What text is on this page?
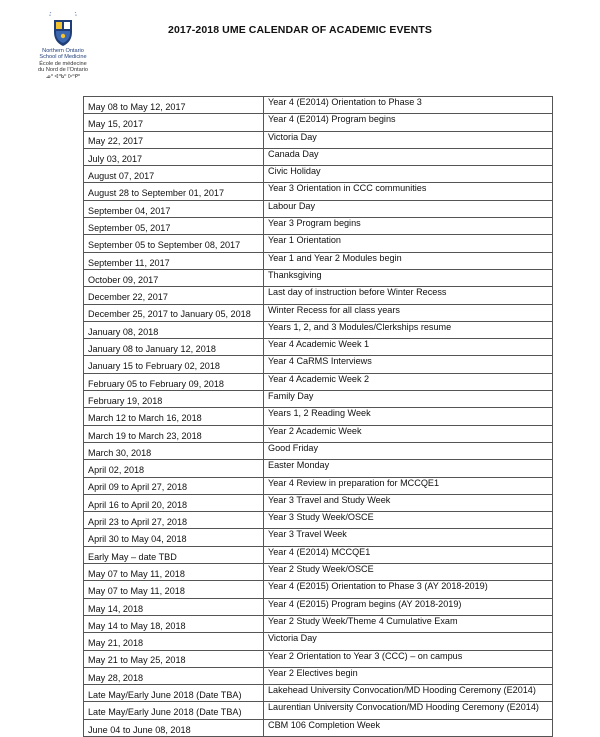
Northern Ontario
School of Medicine
École de médecine
du Nord de l'Ontario
ᓄᐦ ᐊᐦᑲᐦ ᐅᐦᑭᐦ
2017-2018 UME CALENDAR OF ACADEMIC EVENTS
May 08 to May 12, 2017	Year 4 (E2014) Orientation to Phase 3
May 15, 2017	Year 4 (E2014) Program begins
May 22, 2017	Victoria Day
July 03, 2017	Canada Day
August 07, 2017	Civic Holiday
August 28 to September 01, 2017	Year 3 Orientation in CCC communities
September 04, 2017	Labour Day
September 05, 2017	Year 3 Program begins
September 05 to September 08, 2017	Year 1 Orientation
September 11, 2017	Year 1 and Year 2 Modules begin
October 09, 2017	Thanksgiving
December 22, 2017	Last day of instruction before Winter Recess
December 25, 2017 to January 05, 2018	Winter Recess for all class years
January 08, 2018	Years 1, 2, and 3 Modules/Clerkships resume
January 08 to January 12, 2018	Year 4 Academic Week 1
January 15 to February 02, 2018	Year 4 CaRMS Interviews
February 05 to February 09, 2018	Year 4 Academic Week 2
February 19, 2018	Family Day
March 12 to March 16, 2018	Years 1, 2 Reading Week
March 19 to March 23, 2018	Year 2 Academic Week
March 30, 2018	Good Friday
April 02, 2018	Easter Monday
April 09 to April 27, 2018	Year 4 Review in preparation for MCCQE1
April 16 to April 20, 2018	Year 3 Travel and Study Week
April 23 to April 27, 2018	Year 3 Study Week/OSCE
April 30 to May 04, 2018	Year 3 Travel Week
Early May – date TBD	Year 4 (E2014) MCCQE1
May 07 to May 11, 2018	Year 2 Study Week/OSCE
May 07 to May 11, 2018	Year 4 (E2015) Orientation to Phase 3 (AY 2018-2019)
May 14, 2018	Year 4 (E2015) Program begins (AY 2018-2019)
May 14 to May 18, 2018	Year 2 Study Week/Theme 4 Cumulative Exam
May 21, 2018	Victoria Day
May 21 to May 25, 2018	Year 2 Orientation to Year 3 (CCC) – on campus
May 28, 2018	Year 2 Electives begin
Late May/Early June 2018 (Date TBA)	Lakehead University Convocation/MD Hooding Ceremony (E2014)
Late May/Early June 2018 (Date TBA)	Laurentian University Convocation/MD Hooding Ceremony (E2014)
June 04 to June 08, 2018	CBM 106 Completion Week
